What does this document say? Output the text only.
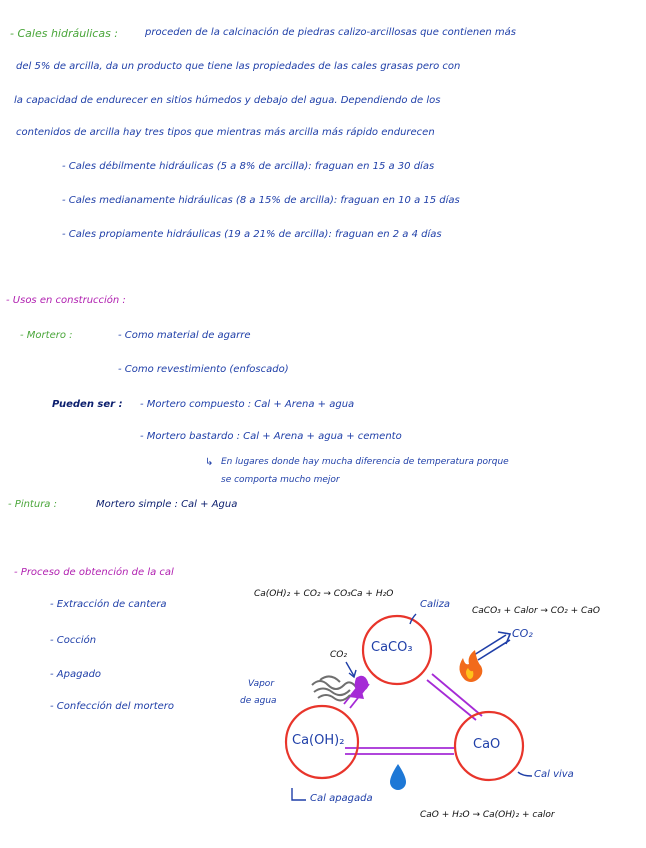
- Cales hidráulicas :	proceden de la calcinación de piedras calizo-arcillosas que contienen más
del 5% de arcilla, da un producto que tiene las propiedades de las cales grasas pero con
la capacidad de endurecer en sitios húmedos y debajo del agua. Dependiendo de los
contenidos de arcilla hay tres tipos que mientras más arcilla más rápido endurecen
- Cales débilmente hidráulicas (5 a 8% de arcilla): fraguan en 15 a 30 días
- Cales medianamente hidráulicas (8 a 15% de arcilla): fraguan en 10 a 15 días
- Cales propiamente hidráulicas (19 a 21% de arcilla): fraguan en 2 a 4 días
- Usos en construcción :
- Mortero :	- Como material de agarre
- Como revestimiento (enfoscado)
Pueden ser : - Mortero compuesto : Cal + Arena + agua
- Mortero bastardo : Cal + Arena + agua + cemento
↳ En lugares donde hay mucha diferencia de temperatura porque
se comporta mucho mejor
- Pintura :	Mortero simple : Cal + Agua
- Proceso de obtención de la cal
- Extracción de cantera
- Cocción
- Apagado
- Confección del mortero
Ca(OH)₂ + CO₂ → CO₃Ca + H₂O
CaCO₃ + Calor → CO₂ + CaO
CaO + H₂O → Ca(OH)₂ + calor
CaCO₃
Ca(OH)₂	CaO
Caliza
CO₂
CO₂
Vapor
de agua
Cal viva
Cal apagada
